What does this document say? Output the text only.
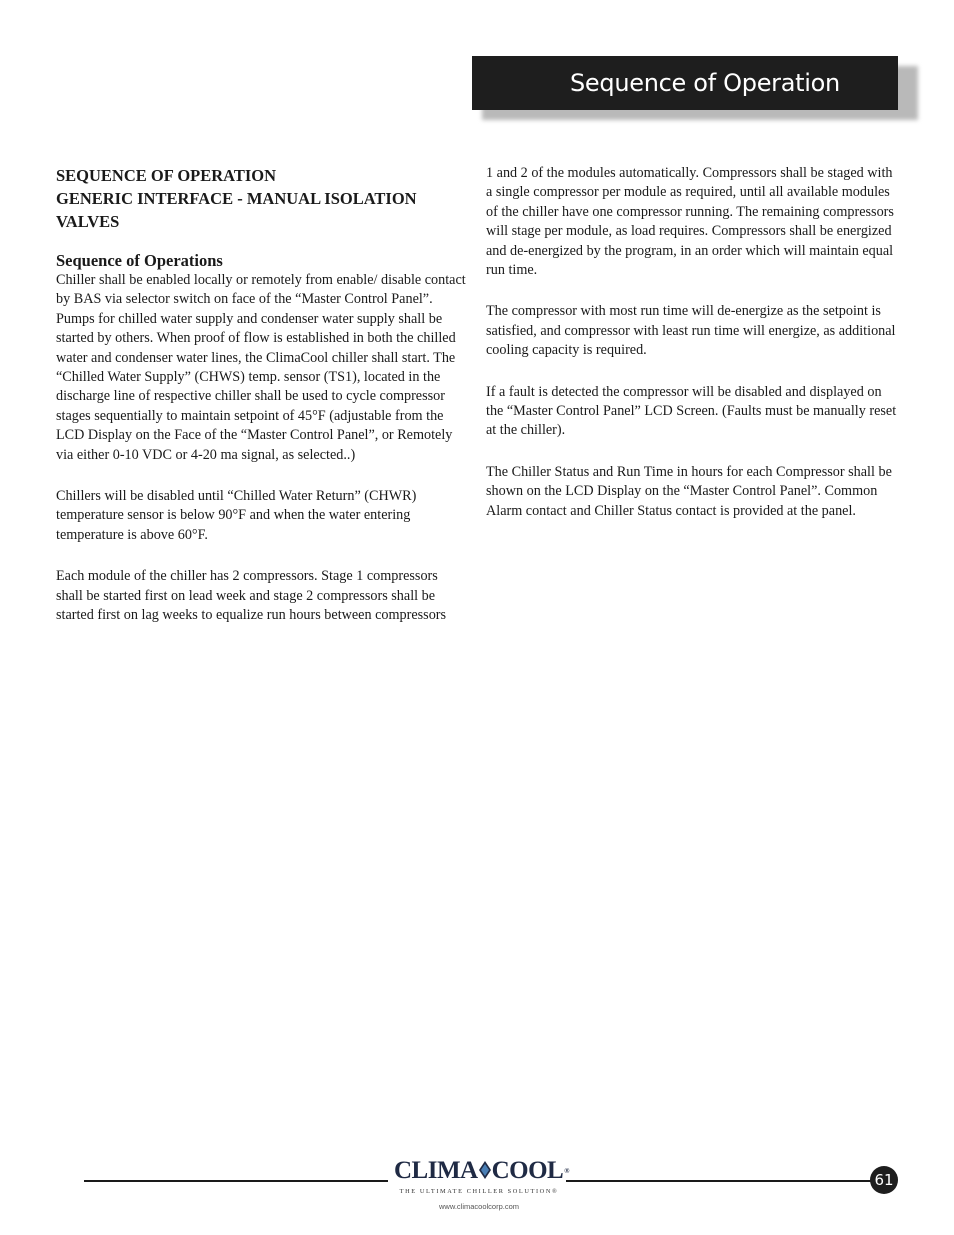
Sequence of Operation
SEQUENCE OF OPERATION
GENERIC INTERFACE - MANUAL ISOLATION VALVES
Sequence of Operations

Chiller shall be enabled locally or remotely from enable/ disable contact by BAS via selector switch on face of the “Master Control Panel”. Pumps for chilled water supply and condenser water supply shall be started by others. When proof of flow is established in both the chilled water and condenser water lines, the ClimaCool chiller shall start. The “Chilled Water Supply” (CHWS) temp. sensor (TS1), located in the discharge line of respective chiller shall be used to cycle compressor stages sequentially to maintain setpoint of 45°F (adjustable from the LCD Display on the Face of the “Master Control Panel”, or Remotely via either 0-10 VDC or 4-20 ma signal, as selected..)

Chillers will be disabled until “Chilled Water Return” (CHWR) temperature sensor is below 90°F and when the water entering temperature is above 60°F.

Each module of the chiller has 2 compressors. Stage 1 compressors shall be started first on lead week and stage 2 compressors shall be started first on lag weeks to equalize run hours between compressors

1 and 2 of the modules automatically. Compressors shall be staged with a single compressor per module as required, until all available modules of the chiller have one compressor running. The remaining compressors will stage per module, as load requires. Compressors shall be energized and de-energized by the program, in an order which will maintain equal run time.

The compressor with most run time will de-energize as the setpoint is satisfied, and compressor with least run time will energize, as additional cooling capacity is required.

If a fault is detected the compressor will be disabled and displayed on the “Master Control Panel” LCD Screen. (Faults must be manually reset at the chiller).

The Chiller Status and Run Time in hours for each Compressor shall be shown on the LCD Display on the “Master Control Panel”. Common Alarm contact and Chiller Status contact is provided at the panel.

CLIMA COOL®
THE ULTIMATE CHILLER SOLUTION®
www.climacoolcorp.com
61
